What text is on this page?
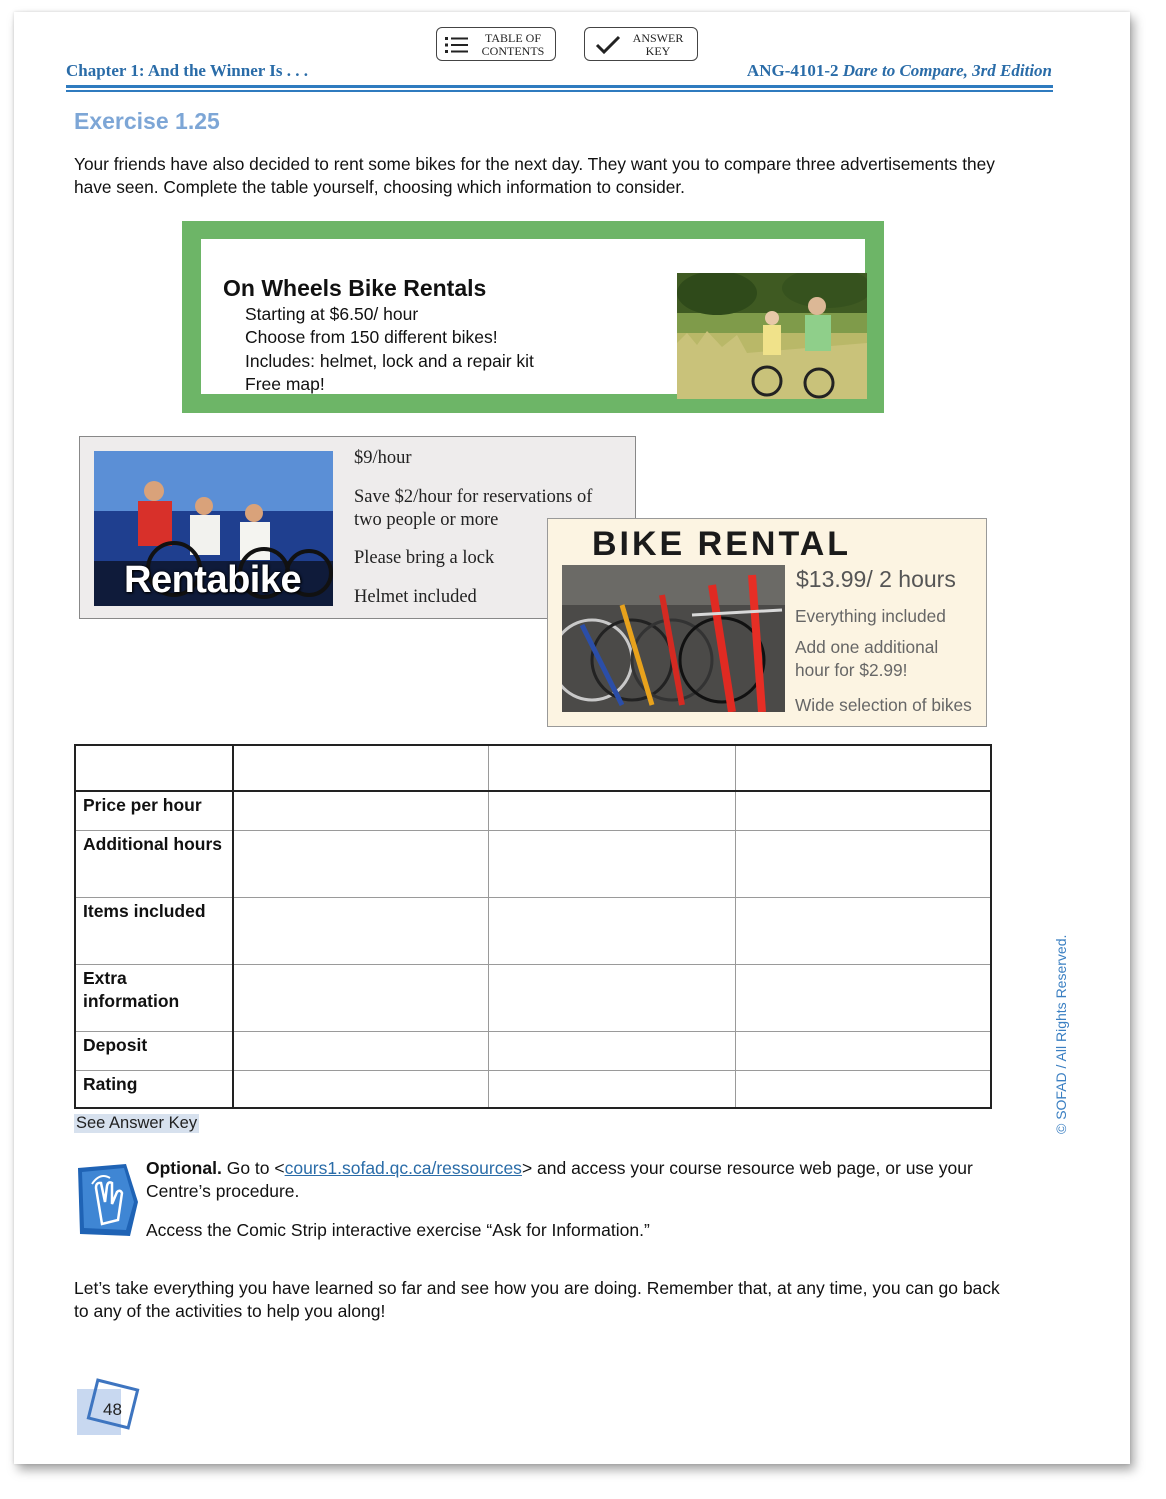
TABLE OF
CONTENTS
ANSWER
KEY
Chapter 1: And the Winner Is . . .	ANG-4101-2 Dare to Compare, 3rd Edition
Exercise 1.25
Your friends have also decided to rent some bikes for the next day. They want you to compare three advertisements they have seen. Complete the table yourself, choosing which information to consider.
On Wheels Bike Rentals
Starting at $6.50/ hour
Choose from 150 different bikes!
Includes: helmet, lock and a repair kit
Free map!
Rentabike
$9/hour
Save $2/hour for reservations of two people or more
Please bring a lock
Helmet included
BIKE RENTAL
$13.99/ 2 hours
Everything included
Add one additional hour for $2.99!
Wide selection of bikes

Price per hour			
Additional hours			
Items included			
Extra information			
Deposit			
Rating			
See Answer Key
Optional. Go to <cours1.sofad.qc.ca/ressources> and access your course resource web page, or use your Centre’s procedure.
Access the Comic Strip interactive exercise “Ask for Information.”
Let’s take everything you have learned so far and see how you are doing. Remember that, at any time, you can go back to any of the activities to help you along!
© SOFAD / All Rights Reserved.
48
